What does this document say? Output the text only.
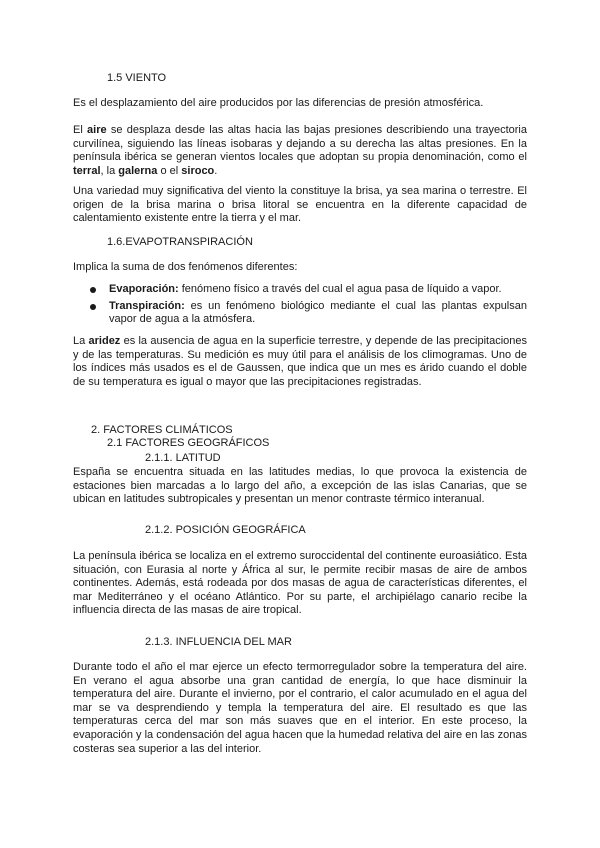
1.5 VIENTO

Es el desplazamiento del aire producidos por las diferencias de presión atmosférica.

El aire se desplaza desde las altas hacia las bajas presiones describiendo una trayectoria curvilínea, siguiendo las líneas isobaras y dejando a su derecha las altas presiones. En la península ibérica se generan vientos locales que adoptan su propia denominación, como el terral, la galerna o el siroco.

Una variedad muy significativa del viento la constituye la brisa, ya sea marina o terrestre. El origen de la brisa marina o brisa litoral se encuentra en la diferente capacidad de calentamiento existente entre la tierra y el mar.

1.6.EVAPOTRANSPIRACIÓN

Implica la suma de dos fenómenos diferentes:

Evaporación: fenómeno físico a través del cual el agua pasa de líquido a vapor.
Transpiración: es un fenómeno biológico mediante el cual las plantas expulsan vapor de agua a la atmósfera.

La aridez es la ausencia de agua en la superficie terrestre, y depende de las precipitaciones y de las temperaturas. Su medición es muy útil para el análisis de los climogramas. Uno de los índices más usados es el de Gaussen, que indica que un mes es árido cuando el doble de su temperatura es igual o mayor que las precipitaciones registradas.

2. FACTORES CLIMÁTICOS

2.1 FACTORES GEOGRÁFICOS

2.1.1. LATITUD

España se encuentra situada en las latitudes medias, lo que provoca la existencia de estaciones bien marcadas a lo largo del año, a excepción de las islas Canarias, que se ubican en latitudes subtropicales y presentan un menor contraste térmico interanual.

2.1.2. POSICIÓN GEOGRÁFICA

La península ibérica se localiza en el extremo suroccidental del continente euroasiático. Esta situación, con Eurasia al norte y África al sur, le permite recibir masas de aire de ambos continentes. Además, está rodeada por dos masas de agua de características diferentes, el mar Mediterráneo y el océano Atlántico. Por su parte, el archipiélago canario recibe la influencia directa de las masas de aire tropical.

2.1.3. INFLUENCIA DEL MAR

Durante todo el año el mar ejerce un efecto termorregulador sobre la temperatura del aire. En verano el agua absorbe una gran cantidad de energía, lo que hace disminuir la temperatura del aire. Durante el invierno, por el contrario, el calor acumulado en el agua del mar se va desprendiendo y templa la temperatura del aire. El resultado es que las temperaturas cerca del mar son más suaves que en el interior. En este proceso, la evaporación y la condensación del agua hacen que la humedad relativa del aire en las zonas costeras sea superior a las del interior.
